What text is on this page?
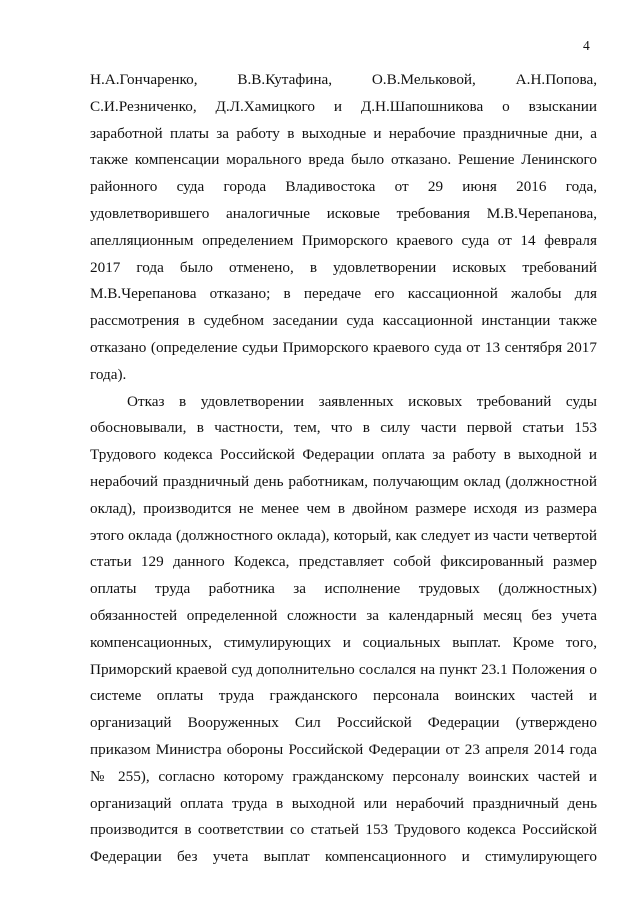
4
Н.А.Гончаренко, В.В.Кутафина, О.В.Мельковой, А.Н.Попова,
С.И.Резниченко, Д.Л.Хамицкого и Д.Н.Шапошникова о взыскании
заработной платы за работу в выходные и нерабочие праздничные дни, а
также компенсации морального вреда было отказано. Решение Ленинского
районного суда города Владивостока от 29 июня 2016 года,
удовлетворившего аналогичные исковые требования М.В.Черепанова,
апелляционным определением Приморского краевого суда от 14 февраля
2017 года было отменено, в удовлетворении исковых требований
М.В.Черепанова отказано; в передаче его кассационной жалобы для
рассмотрения в судебном заседании суда кассационной инстанции также
отказано (определение судьи Приморского краевого суда от 13 сентября 2017
года).
Отказ в удовлетворении заявленных исковых требований суды
обосновывали, в частности, тем, что в силу части первой статьи 153
Трудового кодекса Российской Федерации оплата за работу в выходной и
нерабочий праздничный день работникам, получающим оклад (должностной
оклад), производится не менее чем в двойном размере исходя из размера
этого оклада (должностного оклада), который, как следует из части четвертой
статьи 129 данного Кодекса, представляет собой фиксированный размер
оплаты труда работника за исполнение трудовых (должностных)
обязанностей определенной сложности за календарный месяц без учета
компенсационных, стимулирующих и социальных выплат. Кроме того,
Приморский краевой суд дополнительно сослался на пункт 23.1 Положения о
системе оплаты труда гражданского персонала воинских частей и
организаций Вооруженных Сил Российской Федерации (утверждено
приказом Министра обороны Российской Федерации от 23 апреля 2014 года
№ 255), согласно которому гражданскому персоналу воинских частей и
организаций оплата труда в выходной или нерабочий праздничный день
производится в соответствии со статьей 153 Трудового кодекса Российской
Федерации без учета выплат компенсационного и стимулирующего
